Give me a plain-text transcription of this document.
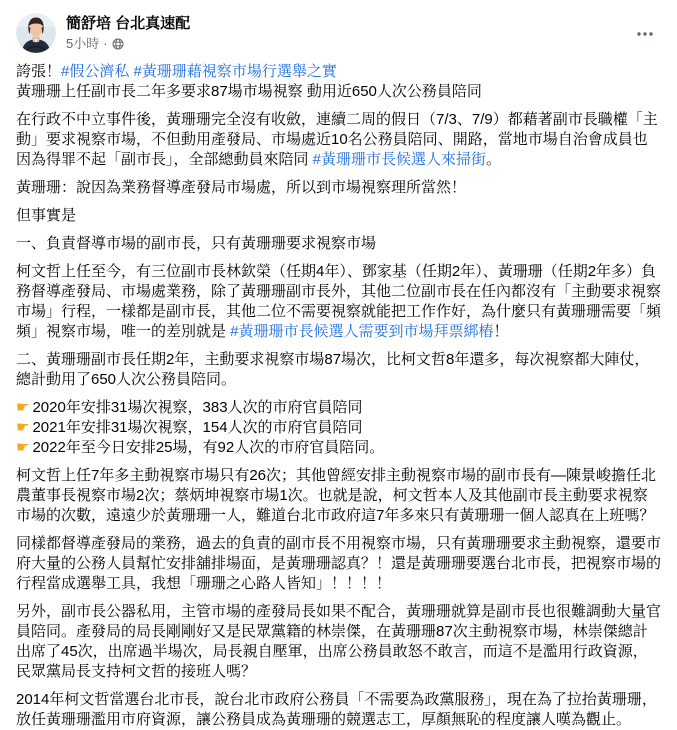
簡舒培 台北真速配
5小時 ·
誇張！#假公濟私 #黃珊珊藉視察市場行選舉之實
黃珊珊上任副市長二年多要求87場市場視察 動用近650人次公務員陪同
在行政不中立事件後，黃珊珊完全沒有收斂，連續二周的假日（7/3、7/9）都藉著副市長職權「主動」要求視察市場，不但動用產發局、市場處近10名公務員陪同、開路，當地市場自治會成員也因為得罪不起「副市長」，全部總動員來陪同 #黃珊珊市長候選人來掃街。
黃珊珊：說因為業務督導產發局市場處，所以到市場視察理所當然！
但事實是
一、負責督導市場的副市長，只有黃珊珊要求視察市場
柯文哲上任至今，有三位副市長林欽榮（任期4年）、鄧家基（任期2年）、黃珊珊（任期2年多）負務督導產發局、市場處業務，除了黃珊珊副市長外，其他二位副市長在任內都沒有「主動要求視察市場」行程，一樣都是副市長，其他二位不需要視察就能把工作作好，為什麼只有黃珊珊需要「頻頻」視察市場，唯一的差別就是 #黃珊珊市長候選人需要到市場拜票綁樁！
二、黃珊珊副市長任期2年，主動要求視察市場87場次，比柯文哲8年還多，每次視察都大陣仗，總計動用了650人次公務員陪同。
☛ 2020年安排31場次視察，383人次的市府官員陪同
☛ 2021年安排31場次視察，154人次的市府官員陪同
☛ 2022年至今日安排25場，有92人次的市府官員陪同。
柯文哲上任7年多主動視察市場只有26次；其他曾經安排主動視察市場的副市長有—陳景峻擔任北農董事長視察市場2次；蔡炳坤視察市場1次。也就是說，柯文哲本人及其他副市長主動要求視察市場的次數，遠遠少於黃珊珊一人，難道台北市政府這7年多來只有黃珊珊一個人認真在上班嗎？
同樣都督導產發局的業務，過去的負責的副市長不用視察市場，只有黃珊珊要求主動視察，還要市府大量的公務人員幫忙安排舖排場面，是黃珊珊認真？！還是黃珊珊要選台北市長，把視察市場的行程當成選舉工具，我想「珊珊之心路人皆知」！！！！
另外，副市長公器私用，主管市場的產發局長如果不配合，黃珊珊就算是副市長也很難調動大量官員陪同。產發局的局長剛剛好又是民眾黨籍的林崇傑，在黃珊珊87次主動視察市場，林崇傑總計出席了45次，出席過半場次，局長親自壓軍，出席公務員敢怒不敢言，而這不是濫用行政資源，民眾黨局長支持柯文哲的接班人嗎？
2014年柯文哲當選台北市長，說台北市政府公務員「不需要為政黨服務」，現在為了拉抬黃珊珊，放任黃珊珊濫用市府資源，讓公務員成為黃珊珊的競選志工，厚顏無恥的程度讓人嘆為觀止。
